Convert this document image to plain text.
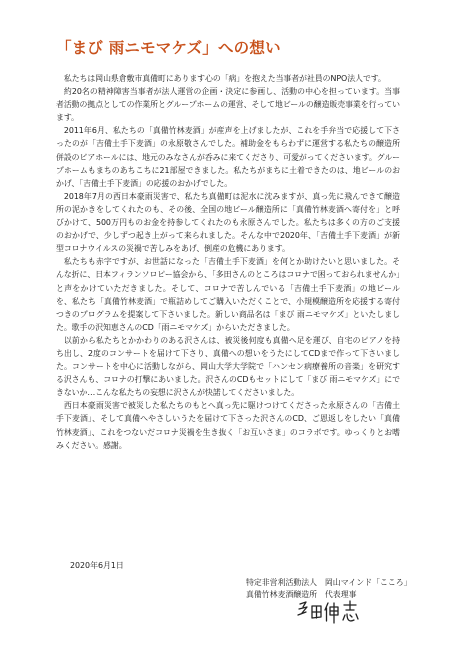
「まび 雨ニモマケズ」への想い

私たちは岡山県倉敷市真備町にあります心の「病」を抱えた当事者が社員のNPO法人です。

約20名の精神障害当事者が法人運営の企画・決定に参画し、活動の中心を担っています。当事者活動の拠点としての作業所とグループホームの運営、そして地ビールの醸造販売事業を行っています。

2011年6月、私たちの「真備竹林麦酒」が産声を上げましたが、これを手弁当で応援して下さったのが「吉備土手下麦酒」の永原敬さんでした。補助金をもらわずに運営する私たちの醸造所併設のビアホールには、地元のみなさんが呑みに来てくださり、可愛がってくださいます。グループホームもまちのあちこちに21部屋できました。私たちがまちに土着できたのは、地ビールのおかげ、「吉備土手下麦酒」の応援のおかげでした。

2018年7月の西日本豪雨災害で、私たち真備町は泥水に沈みますが、真っ先に飛んできて醸造所の泥かきをしてくれたのも、その後、全国の地ビール醸造所に「真備竹林麦酒へ寄付を」と呼びかけて、500万円ものお金を持参してくれたのも永原さんでした。私たちは多くの方のご支援のおかげで、少しずつ起き上がって来られました。そんな中で2020年、「吉備土手下麦酒」が新型コロナウイルスの災禍で苦しみをあげ、倒産の危機にあります。

私たちも赤字ですが、お世話になった「吉備土手下麦酒」を何とか助けたいと思いました。そんな折に、日本フィランソロピー協会から、「多田さんのところはコロナで困っておられませんか」と声をかけていただきました。そして、コロナで苦しんでいる「吉備土手下麦酒」の地ビールを、私たち「真備竹林麦酒」で瓶詰めしてご購入いただくことで、小規模醸造所を応援する寄付つきのプログラムを提案して下さいました。新しい商品名は「まび 雨ニモマケズ」といたしました。歌手の沢知恵さんのCD「雨ニモマケズ」からいただきました。

以前から私たちとかかわりのある沢さんは、被災後何度も真備へ足を運び、自宅のピアノを持ち出し、2度のコンサートを届けて下さり、真備への想いをうたにしてCDまで作って下さいました。コンサートを中心に活動しながら、岡山大学大学院で「ハンセン病療養所の音楽」を研究する沢さんも、コロナの打撃にあいました。沢さんのCDもセットにして「まび 雨ニモマケズ」にできないか…こんな私たちの妄想に沢さんが快諾してくださいました。

西日本豪雨災害で被災した私たちのもとへ真っ先に駆けつけてくださった永原さんの「吉備土手下麦酒」、そして真備へやさしいうたを届けて下さった沢さんのCD、ご恩返しをしたい「真備竹林麦酒」、これをつないだコロナ災禍を生き抜く「お互いさま」のコラボです。ゆっくりとお嗜みください。感謝。

2020年6月1日
特定非営利活動法人　岡山マインド「こころ」
真備竹林麦酒醸造所　代表理事
